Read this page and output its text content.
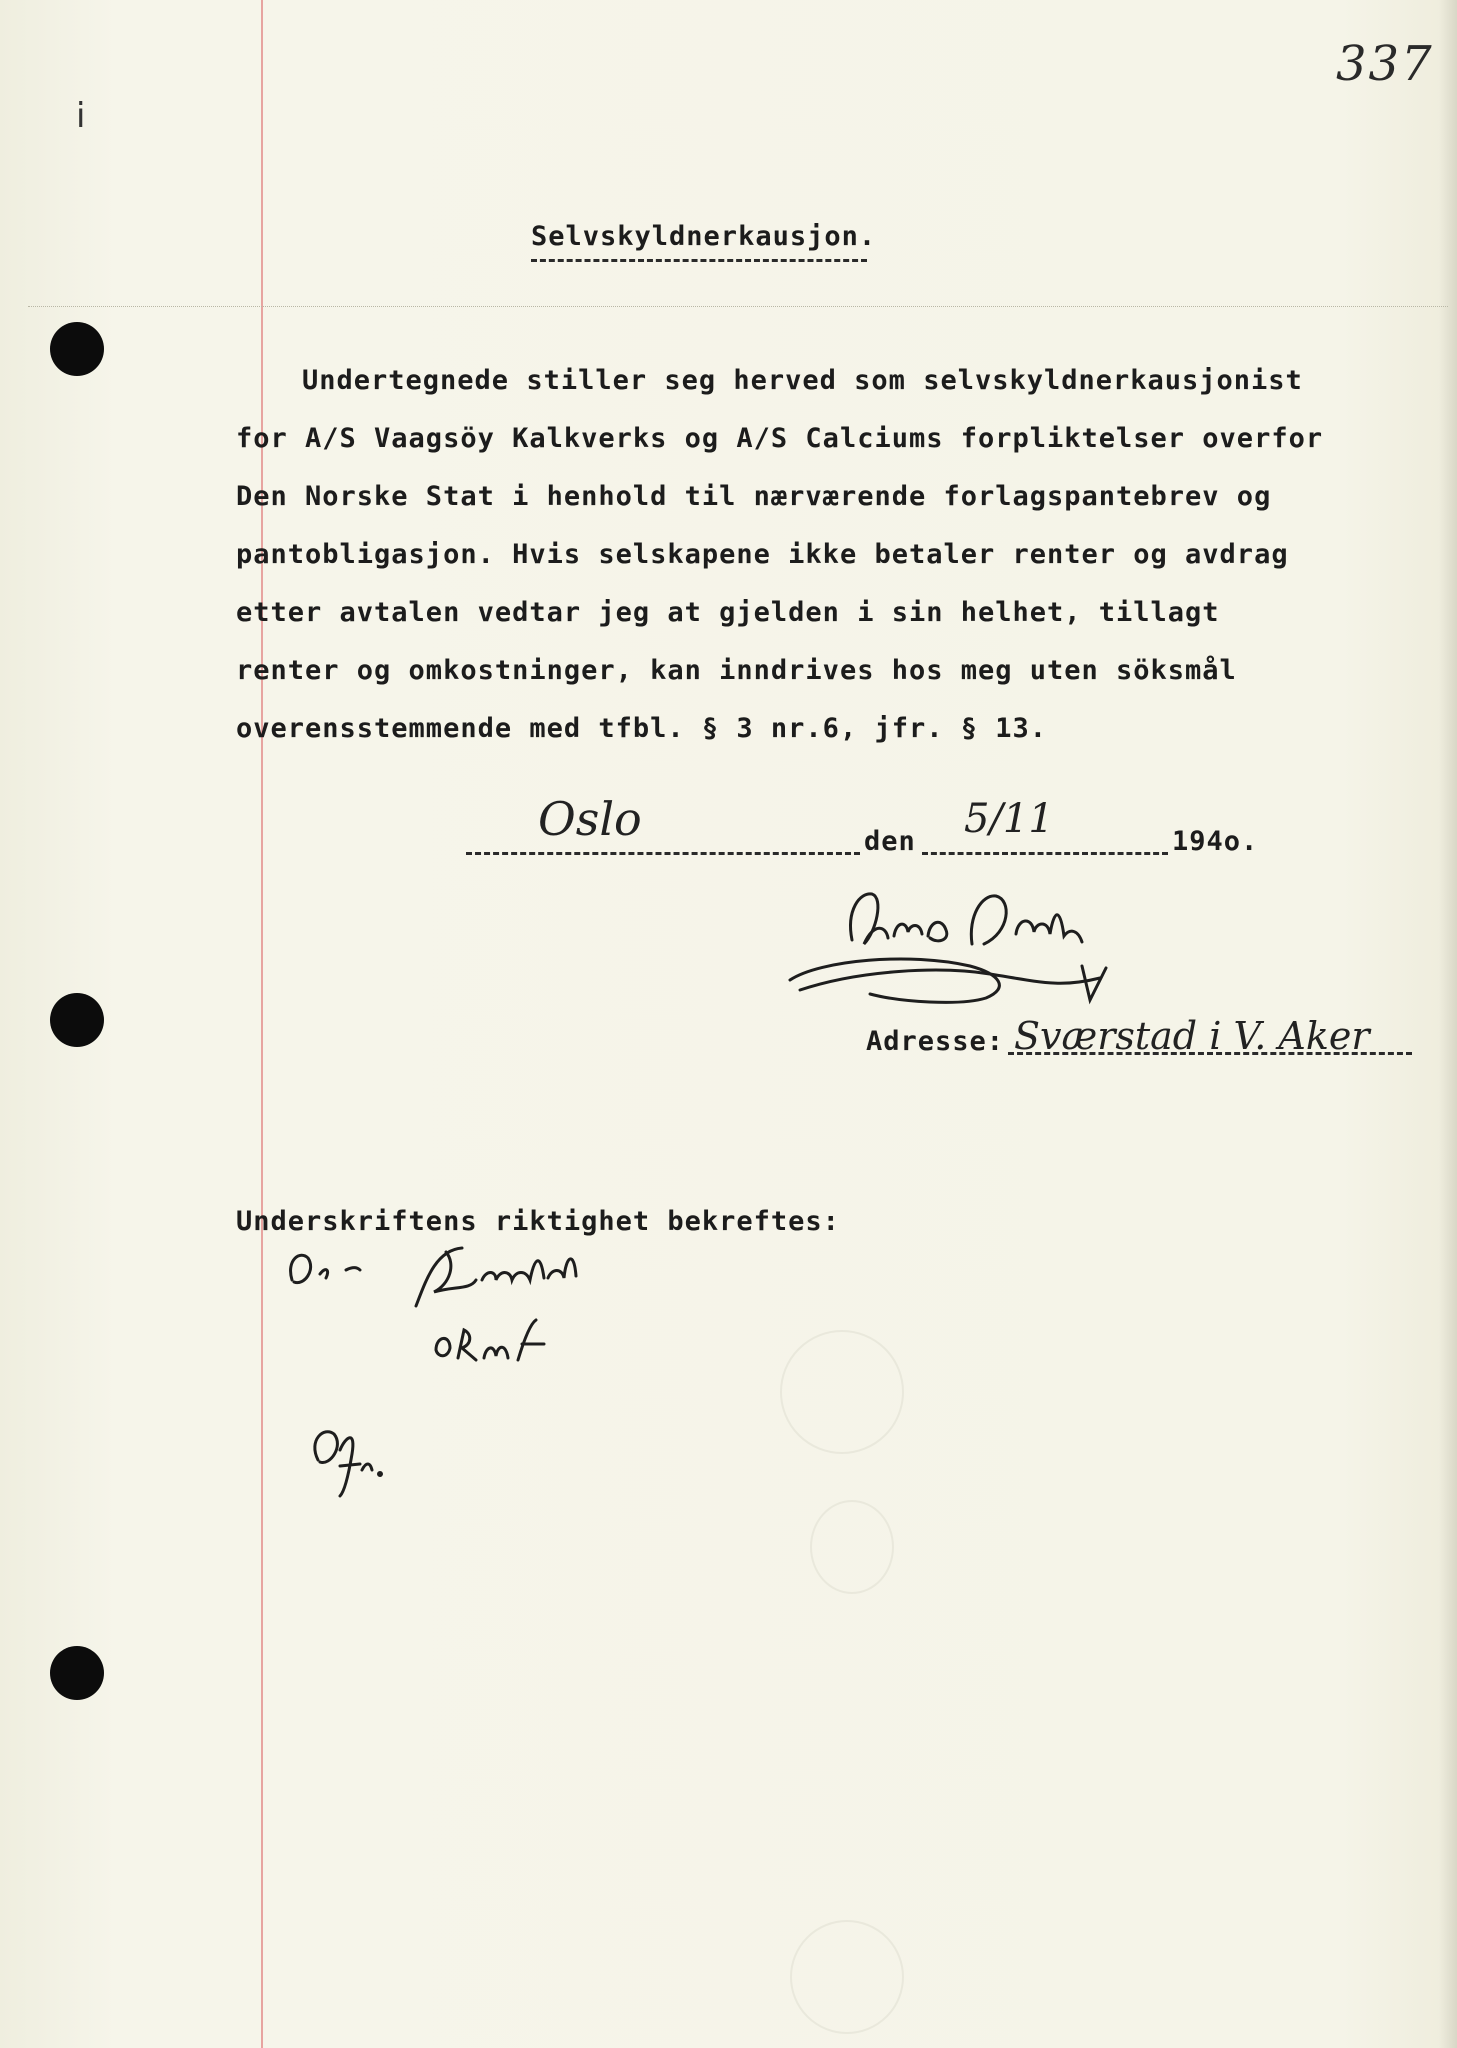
ⅰ
337
Selvskyldnerkausjon.
Undertegnede stiller seg herved som selvskyldnerkausjonist
for A/S Vaagsöy Kalkverks og A/S Calciums forpliktelser overfor
Den Norske Stat i henhold til nærværende forlagspantebrev og
pantobligasjon. Hvis selskapene ikke betaler renter og avdrag
etter avtalen vedtar jeg at gjelden i sin helhet, tillagt
renter og omkostninger, kan inndrives hos meg uten söksmål
overensstemmende med tfbl. § 3 nr.6, jfr. § 13.
Oslo	den 5/11	194o.
Adresse: Sværstad i V. Aker
Underskriftens riktighet bekreftes:
